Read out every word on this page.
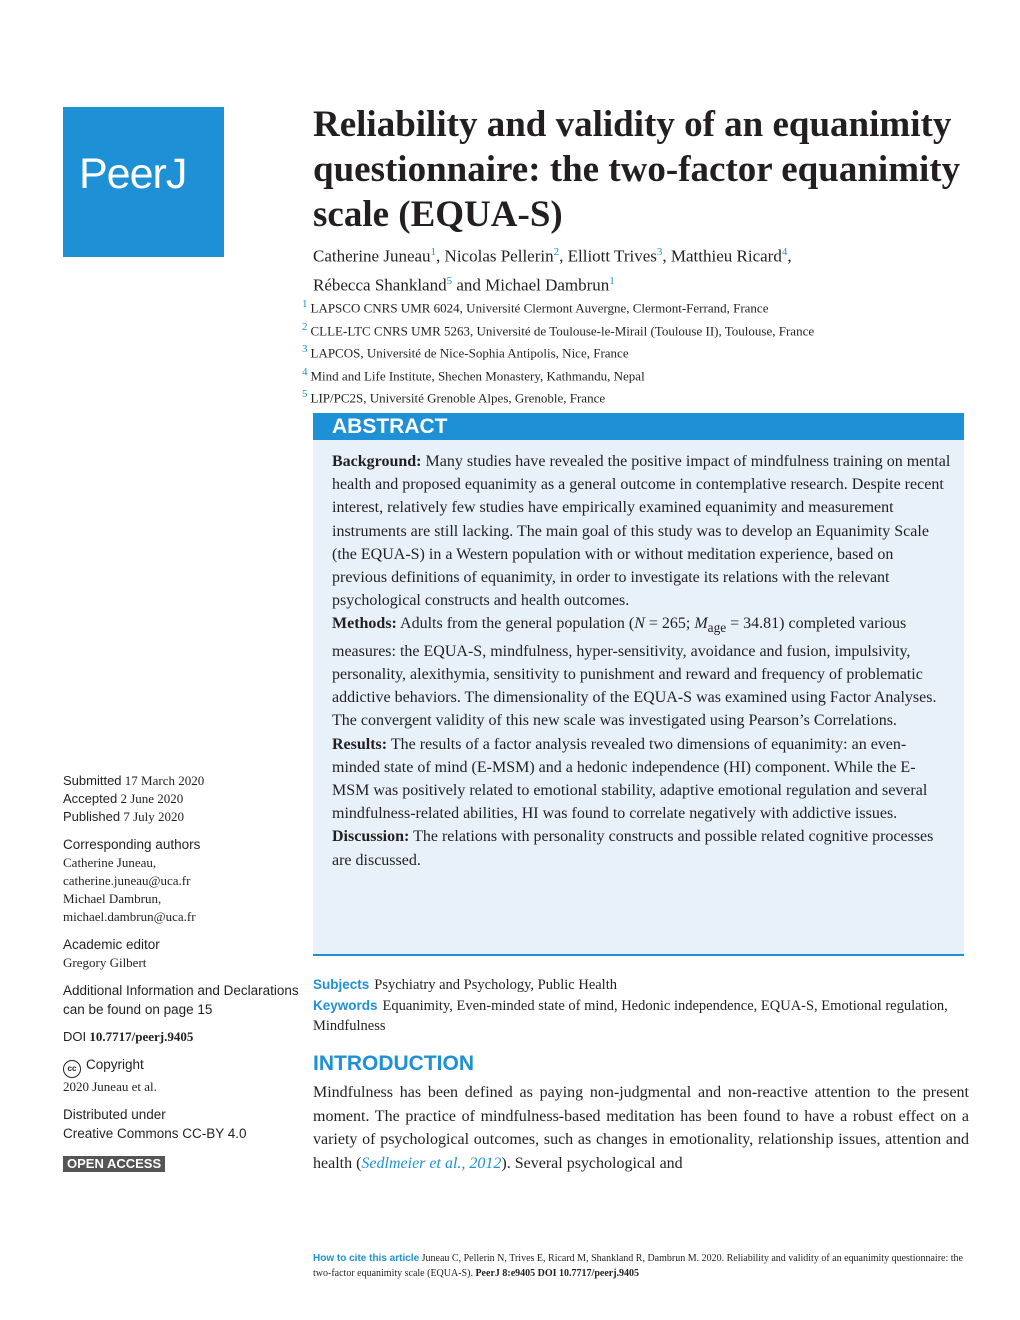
PeerJ
Reliability and validity of an equanimity questionnaire: the two-factor equanimity scale (EQUA-S)
Catherine Juneau$^1$, Nicolas Pellerin$^2$, Elliott Trives$^3$, Matthieu Ricard$^4$,
Rébecca Shankland$^5$ and Michael Dambrun$^1$
$^1$ LAPSCO CNRS UMR 6024, Université Clermont Auvergne, Clermont-Ferrand, France
$^2$ CLLE-LTC CNRS UMR 5263, Université de Toulouse-le-Mirail (Toulouse II), Toulouse, France
$^3$ LAPCOS, Université de Nice-Sophia Antipolis, Nice, France
$^4$ Mind and Life Institute, Shechen Monastery, Kathmandu, Nepal
$^5$ LIP/PC2S, Université Grenoble Alpes, Grenoble, France
ABSTRACT

Background: Many studies have revealed the positive impact of mindfulness training on mental health and proposed equanimity as a general outcome in contemplative research. Despite recent interest, relatively few studies have empirically examined equanimity and measurement instruments are still lacking. The main goal of this study was to develop an Equanimity Scale (the EQUA-S) in a Western population with or without meditation experience, based on previous definitions of equanimity, in order to investigate its relations with the relevant psychological constructs and health outcomes.

Methods: Adults from the general population (N = 265; $M_{age} = 34.81$) completed various measures: the EQUA-S, mindfulness, hyper-sensitivity, avoidance and fusion, impulsivity, personality, alexithymia, sensitivity to punishment and reward and frequency of problematic addictive behaviors. The dimensionality of the EQUA-S was examined using Factor Analyses. The convergent validity of this new scale was investigated using Pearson’s Correlations.

Results: The results of a factor analysis revealed two dimensions of equanimity: an even-minded state of mind (E-MSM) and a hedonic independence (HI) component. While the E-MSM was positively related to emotional stability, adaptive emotional regulation and several mindfulness-related abilities, HI was found to correlate negatively with addictive issues.

Discussion: The relations with personality constructs and possible related cognitive processes are discussed.

Submitted 17 March 2020
Accepted 2 June 2020
Published 7 July 2020
Corresponding authors
Catherine Juneau,
catherine.juneau@uca.fr
Michael Dambrun,
michael.dambrun@uca.fr
Academic editor
Gregory Gilbert
Additional Information and Declarations can be found on page 15
DOI 10.7717/peerj.9405
cc Copyright
2020 Juneau et al.
Distributed under
Creative Commons CC-BY 4.0
OPEN ACCESS
Subjects Psychiatry and Psychology, Public Health
Keywords Equanimity, Even-minded state of mind, Hedonic independence, EQUA-S, Emotional regulation, Mindfulness
INTRODUCTION
Mindfulness has been defined as paying non-judgmental and non-reactive attention to the present moment. The practice of mindfulness-based meditation has been found to have a robust effect on a variety of psychological outcomes, such as changes in emotionality, relationship issues, attention and health (Sedlmeier et al., 2012). Several psychological and
How to cite this article Juneau C, Pellerin N, Trives E, Ricard M, Shankland R, Dambrun M. 2020. Reliability and validity of an equanimity questionnaire: the two-factor equanimity scale (EQUA-S). PeerJ 8:e9405 DOI 10.7717/peerj.9405
